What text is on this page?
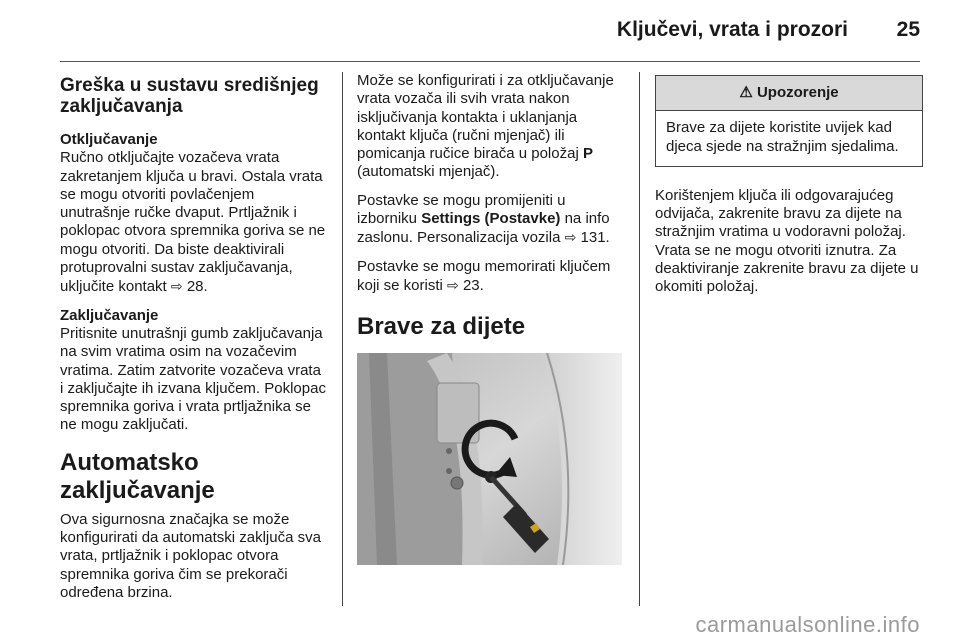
Ključevi, vrata i prozori 25
Greška u sustavu središnjeg zaključavanja
Otključavanje

Ručno otključajte vozačeva vrata zakretanjem ključa u bravi. Ostala vrata se mogu otvoriti povlačenjem unutrašnje ručke dvaput. Prtljažnik i poklopac otvora spremnika goriva se ne mogu otvoriti. Da biste deaktivirali protuprovalni sustav zaključavanja, uključite kontakt ⇨ 28.

Zaključavanje

Pritisnite unutrašnji gumb zaključavanja na svim vratima osim na vozačevim vratima. Zatim zatvorite vozačeva vrata i zaključajte ih izvana ključem. Poklopac spremnika goriva i vrata prtljažnika se ne mogu zaključati.

Automatsko zaključavanje

Ova sigurnosna značajka se može konfigurirati da automatski zaključa sva vrata, prtljažnik i poklopac otvora spremnika goriva čim se prekorači određena brzina.

Može se konfigurirati i za otključavanje vrata vozača ili svih vrata nakon isključivanja kontakta i uklanjanja kontakt ključa (ručni mjenjač) ili pomicanja ručice birača u položaj P (automatski mjenjač).

Postavke se mogu promijeniti u izborniku Settings (Postavke) na info zaslonu. Personalizacija vozila ⇨ 131.

Postavke se mogu memorirati ključem koji se koristi ⇨ 23.

Brave za dijete
⚠ Upozorenje
Brave za dijete koristite uvijek kad djeca sjede na stražnjim sjedalima.

Korištenjem ključa ili odgovarajućeg odvijača, zakrenite bravu za dijete na stražnjim vratima u vodoravni položaj. Vrata se ne mogu otvoriti iznutra. Za deaktiviranje zakrenite bravu za dijete u okomiti položaj.

carmanualsonline.info
